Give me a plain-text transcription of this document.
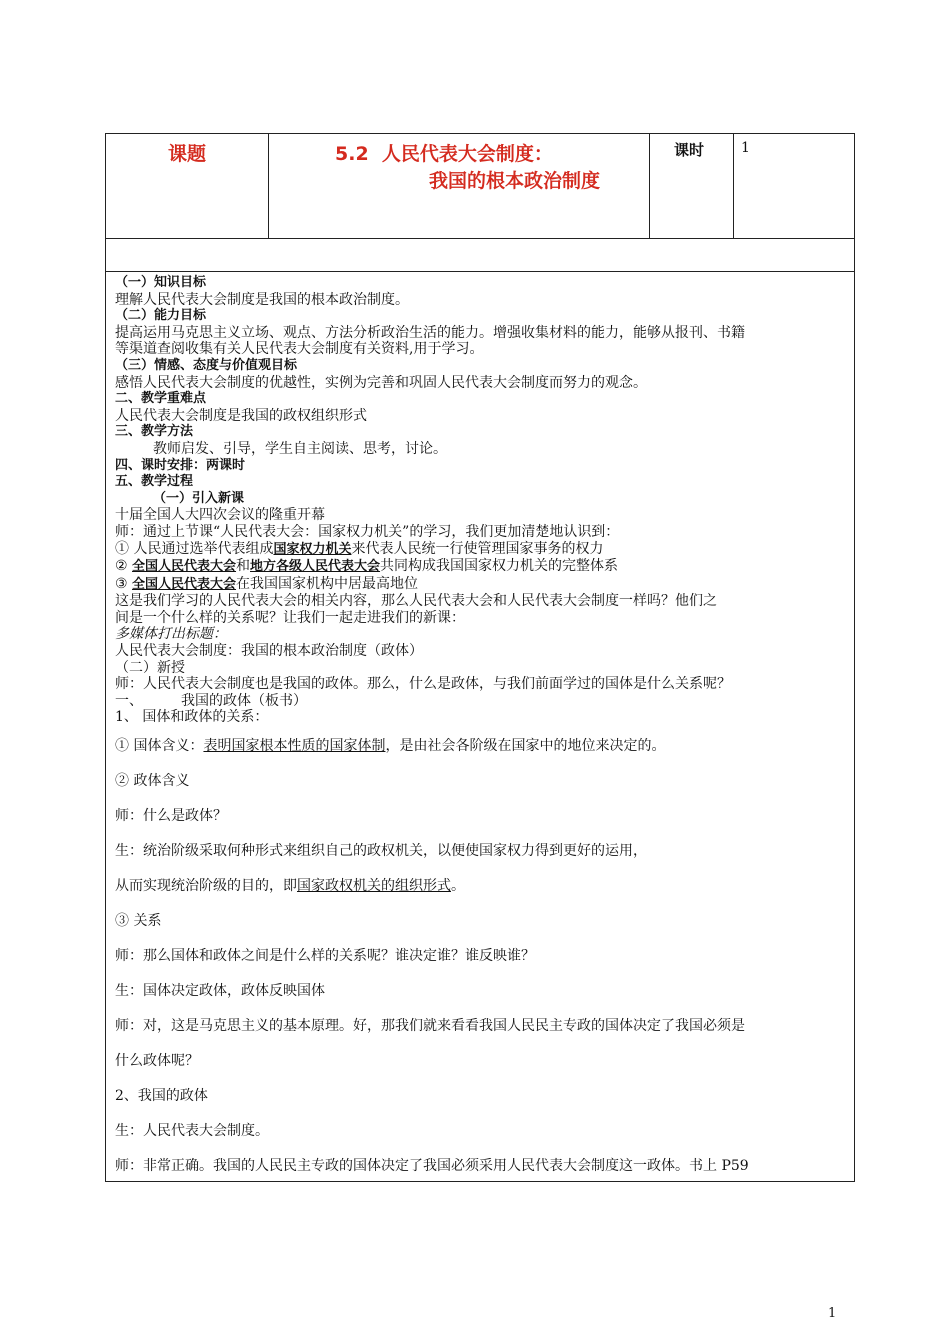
课题	5.2  人民代表大会制度：
我国的根本政治制度

课时	1

（一）知识目标
理解人民代表大会制度是我国的根本政治制度。
（二）能力目标
提高运用马克思主义立场、观点、方法分析政治生活的能力。增强收集材料的能力，能够从报刊、书籍
等渠道查阅收集有关人民代表大会制度有关资料,用于学习。
（三）情感、态度与价值观目标
感悟人民代表大会制度的优越性，实例为完善和巩固人民代表大会制度而努力的观念。
二、教学重难点
人民代表大会制度是我国的政权组织形式
三、教学方法
教师启发、引导，学生自主阅读、思考，讨论。
四、课时安排：两课时
五、教学过程
（一）引入新课
十届全国人大四次会议的隆重开幕
师：通过上节课“人民代表大会：国家权力机关”的学习，我们更加清楚地认识到：
① 人民通过选举代表组成国家权力机关来代表人民统一行使管理国家事务的权力
② 全国人民代表大会和地方各级人民代表大会共同构成我国国家权力机关的完整体系
③ 全国人民代表大会在我国国家机构中居最高地位
这是我们学习的人民代表大会的相关内容，那么人民代表大会和人民代表大会制度一样吗？他们之
间是一个什么样的关系呢？让我们一起走进我们的新课：
多媒体打出标题：
人民代表大会制度：我国的根本政治制度（政体）
（二）新授
师：人民代表大会制度也是我国的政体。那么，什么是政体，与我们前面学过的国体是什么关系呢？
一、	我国的政体（板书）
1、 国体和政体的关系：
① 国体含义：表明国家根本性质的国家体制，是由社会各阶级在国家中的地位来决定的。
② 政体含义
师：什么是政体？
生：统治阶级采取何种形式来组织自己的政权机关，以便使国家权力得到更好的运用，
从而实现统治阶级的目的，即国家政权机关的组织形式。
③ 关系
师：那么国体和政体之间是什么样的关系呢？谁决定谁？谁反映谁？
生：国体决定政体，政体反映国体
师：对，这是马克思主义的基本原理。好，那我们就来看看我国人民民主专政的国体决定了我国必须是
什么政体呢？
2、我国的政体
生：人民代表大会制度。
师：非常正确。我国的人民民主专政的国体决定了我国必须采用人民代表大会制度这一政体。书上 P59
1
